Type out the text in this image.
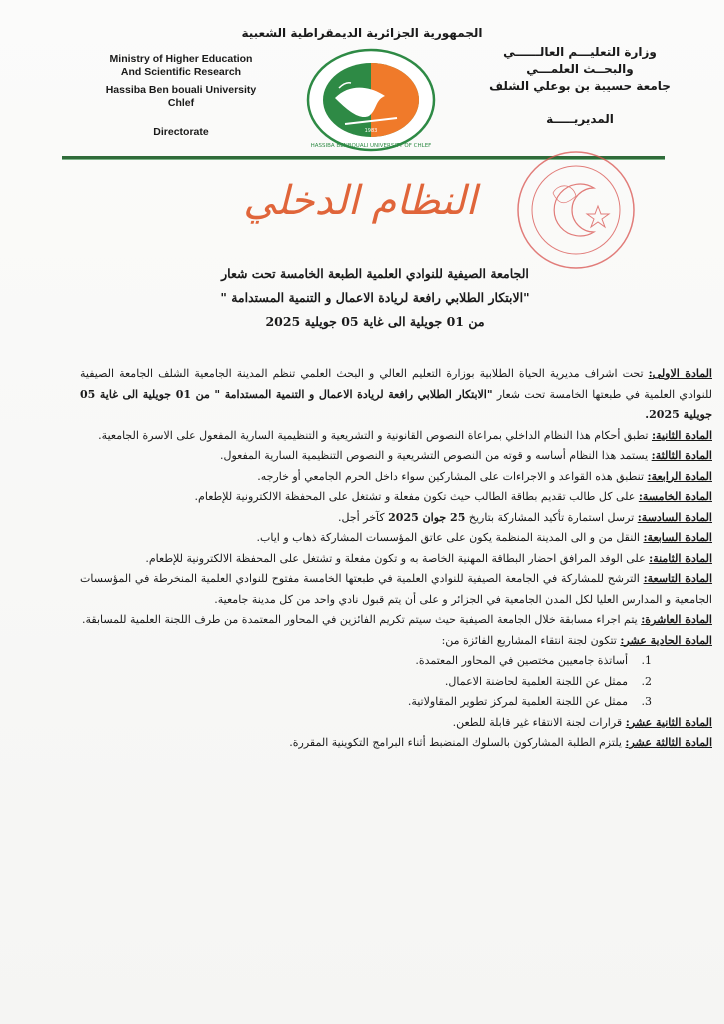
الجمهورية الجزائرية الديمقراطية الشعبية
Ministry of Higher Education
And Scientific Research
Hassiba Ben bouali University
Chlef
Directorate	1983
HASSIBA BENBOUALI UNIVERSITY OF CHLEF
وزارة التعليـــم العالــــــي
والبحــث العلمـــي
جامعة حسيبة بن بوعلي الشلف
المديريـــــة
النظام الدخلي
الجامعة الصيفية للنوادي العلمية الطبعة الخامسة تحت شعار
"الابتكار الطلابي رافعة لريادة الاعمال و التنمية المستدامة "
من 01 جويلية الى غاية 05 جويلية 2025

المادة الاولى: تحت اشراف مديرية الحياة الطلابية بوزارة التعليم العالي و البحث العلمي تنظم المدينة الجامعية الشلف الجامعة الصيفية للنوادي العلمية في طبعتها الخامسة تحت شعار "الابتكار الطلابي رافعة لريادة الاعمال و التنمية المستدامة " من 01 جويلية الى غاية 05 جويلية 2025.

المادة الثانية: تطبق أحكام هذا النظام الداخلي بمراعاة النصوص القانونية و التشريعية و التنظيمية السارية المفعول على الاسرة الجامعية.

المادة الثالثة: يستمد هذا النظام أساسه و قوته من النصوص التشريعية و النصوص التنظيمية السارية المفعول.

المادة الرابعة: تنطبق هذه القواعد و الاجراءات على المشاركين سواء داخل الحرم الجامعي أو خارجه.

المادة الخامسة: على كل طالب تقديم بطاقة الطالب حيث تكون مفعلة و تشتغل على المحفظة الالكترونية للإطعام.

المادة السادسة: ترسل استمارة تأكيد المشاركة بتاريخ 25 جوان 2025 كآخر أجل.

المادة السابعة: النقل من و الى المدينة المنظمة يكون على عاتق المؤسسات المشاركة ذهاب و اياب.

المادة الثامنة: على الوفد المرافق احضار البطاقة المهنية الخاصة به و تكون مفعلة و تشتغل على المحفظة الالكترونية للإطعام.

المادة التاسعة: الترشح للمشاركة في الجامعة الصيفية للنوادي العلمية في طبعتها الخامسة مفتوح للنوادي العلمية المنخرطة في المؤسسات الجامعية و المدارس العليا لكل المدن الجامعية في الجزائر و على أن يتم قبول نادي واحد من كل مدينة جامعية.

المادة العاشرة: يتم اجراء مسابقة خلال الجامعة الصيفية حيث سيتم تكريم الفائزين في المحاور المعتمدة من طرف اللجنة العلمية للمسابقة.

المادة الحادية عشر: تتكون لجنة انتقاء المشاريع الفائزة من:

1.أساتذة جامعيين مختصين في المحاور المعتمدة.
2.ممثل عن اللجنة العلمية لحاضنة الاعمال.
3.ممثل عن اللجنة العلمية لمركز تطوير المقاولاتية.

المادة الثانية عشر: قرارات لجنة الانتقاء غير قابلة للطعن.

المادة الثالثة عشر: يلتزم الطلبة المشاركون بالسلوك المنضبط أثناء البرامج التكوينية المقررة.
